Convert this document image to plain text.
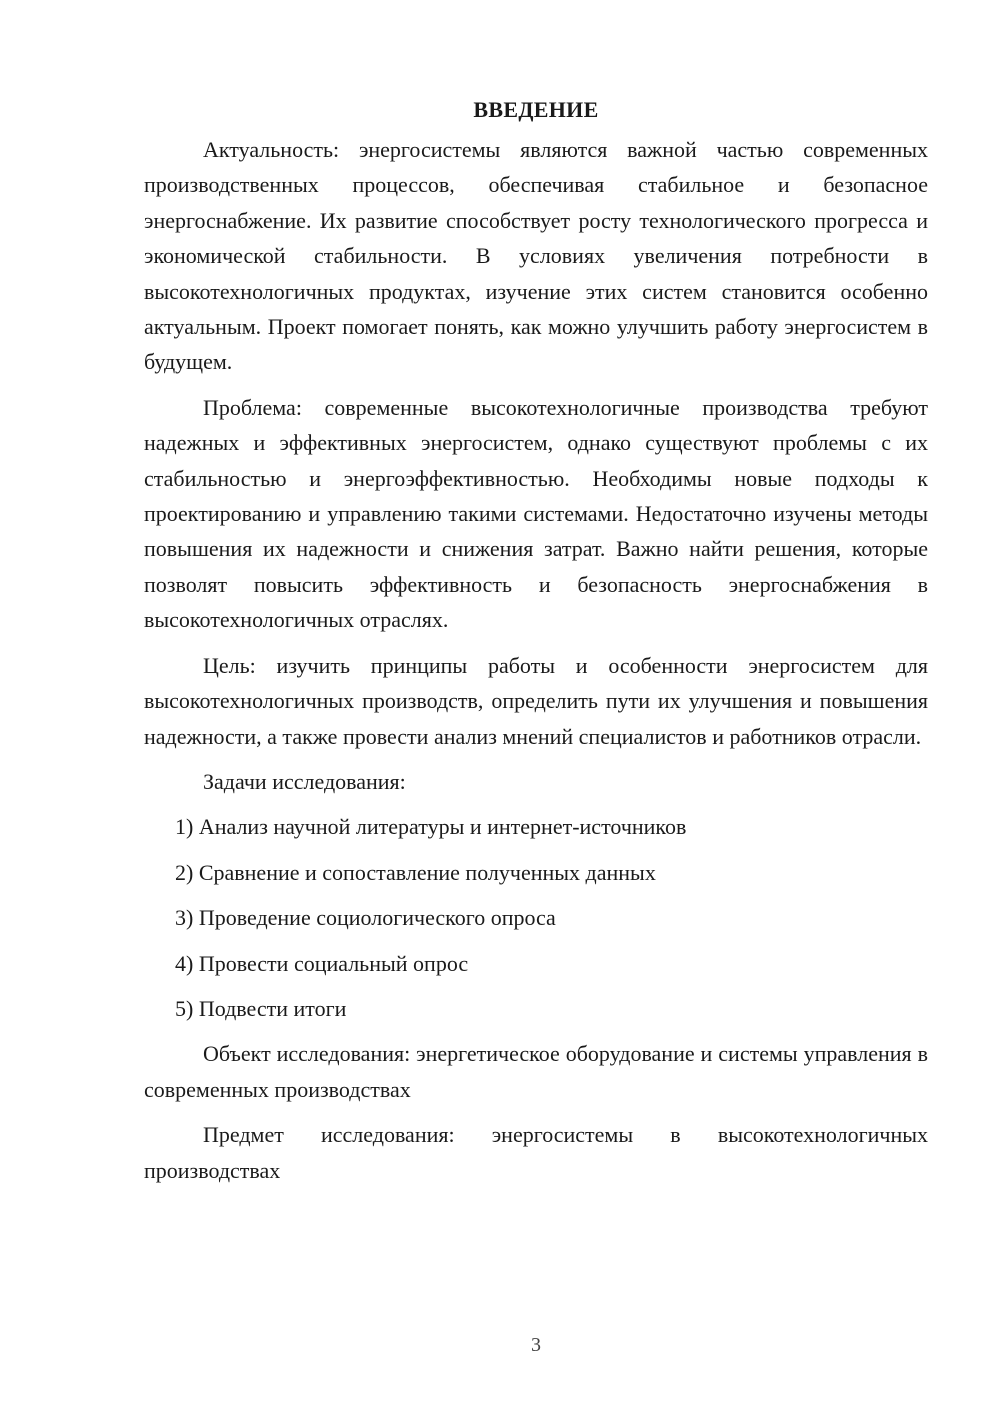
ВВЕДЕНИЕ

Актуальность: энергосистемы являются важной частью современных производственных процессов, обеспечивая стабильное и безопасное энергоснабжение. Их развитие способствует росту технологического прогресса и экономической стабильности. В условиях увеличения потребности в высокотехнологичных продуктах, изучение этих систем становится особенно актуальным. Проект помогает понять, как можно улучшить работу энергосистем в будущем.

Проблема: современные высокотехнологичные производства требуют надежных и эффективных энергосистем, однако существуют проблемы с их стабильностью и энергоэффективностью. Необходимы новые подходы к проектированию и управлению такими системами. Недостаточно изучены методы повышения их надежности и снижения затрат. Важно найти решения, которые позволят повысить эффективность и безопасность энергоснабжения в высокотехнологичных отраслях.

Цель: изучить принципы работы и особенности энергосистем для высокотехнологичных производств, определить пути их улучшения и повышения надежности, а также провести анализ мнений специалистов и работников отрасли.

Задачи исследования:

1) Анализ научной литературы и интернет-источников

2) Сравнение и сопоставление полученных данных

3) Проведение социологического опроса

4) Провести социальный опрос

5) Подвести итоги

Объект исследования: энергетическое оборудование и системы управления в современных производствах

Предмет исследования: энергосистемы в высокотехнологичных производствах

3
